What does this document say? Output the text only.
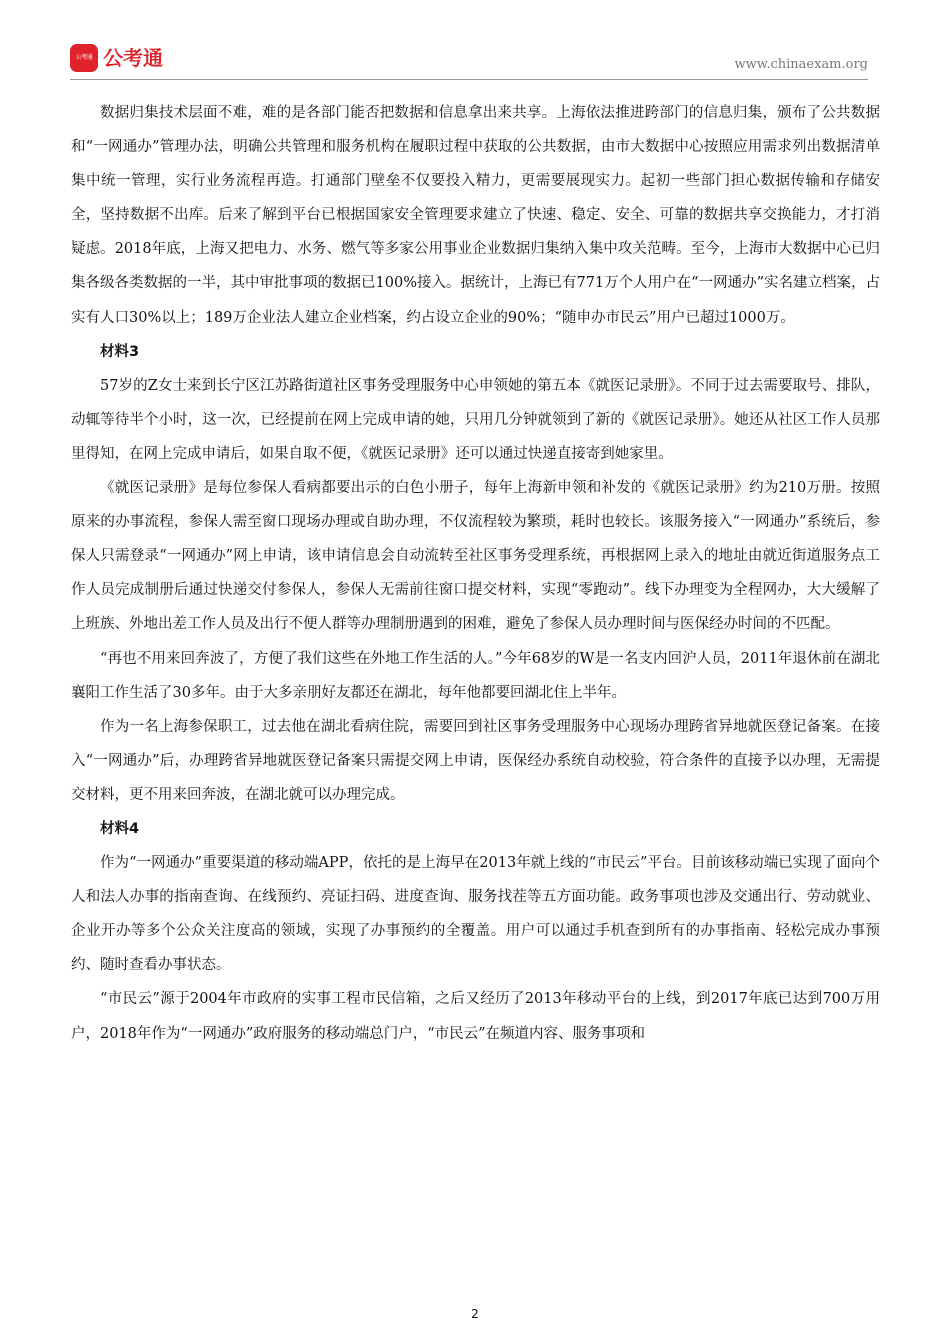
公考通 公考通	www.chinaexam.org

数据归集技术层面不难，难的是各部门能否把数据和信息拿出来共享。上海依法推进跨部门的信息归集，颁布了公共数据和“一网通办”管理办法，明确公共管理和服务机构在履职过程中获取的公共数据，由市大数据中心按照应用需求列出数据清单集中统一管理，实行业务流程再造。打通部门壁垒不仅要投入精力，更需要展现实力。起初一些部门担心数据传输和存储安全，坚持数据不出库。后来了解到平台已根据国家安全管理要求建立了快速、稳定、安全、可靠的数据共享交换能力，才打消疑虑。2018年底，上海又把电力、水务、燃气等多家公用事业企业数据归集纳入集中攻关范畴。至今，上海市大数据中心已归集各级各类数据的一半，其中审批事项的数据已100%接入。据统计，上海已有771万个人用户在“一网通办”实名建立档案，占实有人口30%以上；189万企业法人建立企业档案，约占设立企业的90%；“随申办市民云”用户已超过1000万。

材料3

57岁的Z女士来到长宁区江苏路街道社区事务受理服务中心申领她的第五本《就医记录册》。不同于过去需要取号、排队，动辄等待半个小时，这一次，已经提前在网上完成申请的她，只用几分钟就领到了新的《就医记录册》。她还从社区工作人员那里得知，在网上完成申请后，如果自取不便，《就医记录册》还可以通过快递直接寄到她家里。

《就医记录册》是每位参保人看病都要出示的白色小册子，每年上海新申领和补发的《就医记录册》约为210万册。按照原来的办事流程，参保人需至窗口现场办理或自助办理，不仅流程较为繁琐，耗时也较长。该服务接入“一网通办”系统后，参保人只需登录“一网通办”网上申请，该申请信息会自动流转至社区事务受理系统，再根据网上录入的地址由就近街道服务点工作人员完成制册后通过快递交付参保人，参保人无需前往窗口提交材料，实现“零跑动”。线下办理变为全程网办，大大缓解了上班族、外地出差工作人员及出行不便人群等办理制册遇到的困难，避免了参保人员办理时间与医保经办时间的不匹配。

“再也不用来回奔波了，方便了我们这些在外地工作生活的人。”今年68岁的W是一名支内回沪人员，2011年退休前在湖北襄阳工作生活了30多年。由于大多亲朋好友都还在湖北，每年他都要回湖北住上半年。

作为一名上海参保职工，过去他在湖北看病住院，需要回到社区事务受理服务中心现场办理跨省异地就医登记备案。在接入“一网通办”后，办理跨省异地就医登记备案只需提交网上申请，医保经办系统自动校验，符合条件的直接予以办理，无需提交材料，更不用来回奔波，在湖北就可以办理完成。

材料4

作为“一网通办”重要渠道的移动端APP，依托的是上海早在2013年就上线的“市民云”平台。目前该移动端已实现了面向个人和法人办事的指南查询、在线预约、亮证扫码、进度查询、服务找茬等五方面功能。政务事项也涉及交通出行、劳动就业、企业开办等多个公众关注度高的领域，实现了办事预约的全覆盖。用户可以通过手机查到所有的办事指南、轻松完成办事预约、随时查看办事状态。

“市民云”源于2004年市政府的实事工程市民信箱，之后又经历了2013年移动平台的上线，到2017年底已达到700万用户，2018年作为“一网通办”政府服务的移动端总门户，“市民云”在频道内容、服务事项和

2
